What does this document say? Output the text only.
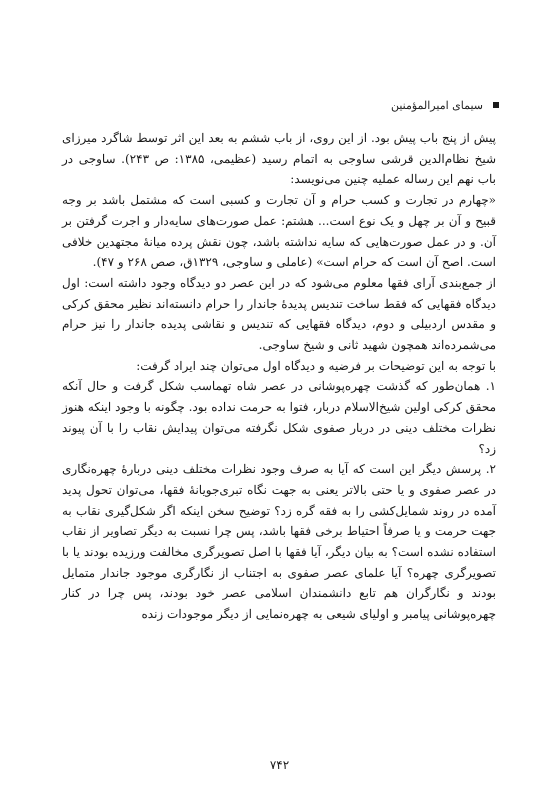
سیمای امیرالمؤمنین

پیش از پنج باب پیش بود. از این روی، از باب ششم به بعد این اثر توسط شاگرد میرزای شیخ نظام‌الدین قرشی ساوجی به اتمام رسید (عظیمی، ۱۳۸۵: ص ۲۴۳). ساوجی در باب نهم این رساله عملیه چنین می‌نویسد:

«چهارم در تجارت و کسب حرام و آن تجارت و کسبی است که مشتمل باشد بر وجه قبیح و آن بر چهل و یک نوع است... هشتم: عمل صورت‌های سایه‌دار و اجرت گرفتن بر آن. و در عمل صورت‌هایی که سایه نداشته باشد، چون نقش پرده میانهٔ مجتهدین خلافی است. اصح آن است که حرام است» (عاملی و ساوجی، ۱۳۲۹ق، صص ۲۶۸ و ۴۷).

از جمع‌بندی آرای فقها معلوم می‌شود که در این عصر دو دیدگاه وجود داشته است: اول دیدگاه فقهایی که فقط ساخت تندیس پدیدهٔ جاندار را حرام دانسته‌اند نظیر محقق کرکی و مقدس اردبیلی و دوم، دیدگاه فقهایی که تندیس و نقاشی پدیده جاندار را نیز حرام می‌شمرده‌اند همچون شهید ثانی و شیخ ساوجی.

با توجه به این توضیحات بر فرضیه و دیدگاه اول می‌توان چند ایراد گرفت:

۱. همان‌طور که گذشت چهره‌پوشانی در عصر شاه تهماسب شکل گرفت و حال آنکه محقق کرکی اولین شیخ‌الاسلام دربار، فتوا به حرمت نداده بود. چگونه با وجود اینکه هنوز نظرات مختلف دینی در دربار صفوی شکل نگرفته می‌توان پیدایش نقاب را با آن پیوند زد؟

۲. پرسش دیگر این است که آیا به صرف وجود نظرات مختلف دینی دربارهٔ چهره‌نگاری در عصر صفوی و یا حتی بالاتر یعنی به جهت نگاه تبری‌جویانهٔ فقها، می‌توان تحول پدید آمده در روند شمایل‌کشی را به فقه گره زد؟ توضیح سخن اینکه اگر شکل‌گیری نقاب به جهت حرمت و یا صرفاً احتیاط برخی فقها باشد، پس چرا نسبت به دیگر تصاویر از نقاب استفاده نشده است؟ به بیان دیگر، آیا فقها با اصل تصویرگری مخالفت ورزیده بودند یا با تصویرگری چهره؟ آیا علمای عصر صفوی به اجتناب از نگارگری موجود جاندار متمایل بودند و نگارگران هم تابع دانشمندان اسلامی عصر خود بودند، پس چرا در کنار چهره‌پوشانی پیامبر و اولیای شیعی به چهره‌نمایی از دیگر موجودات زنده

۷۴۲
